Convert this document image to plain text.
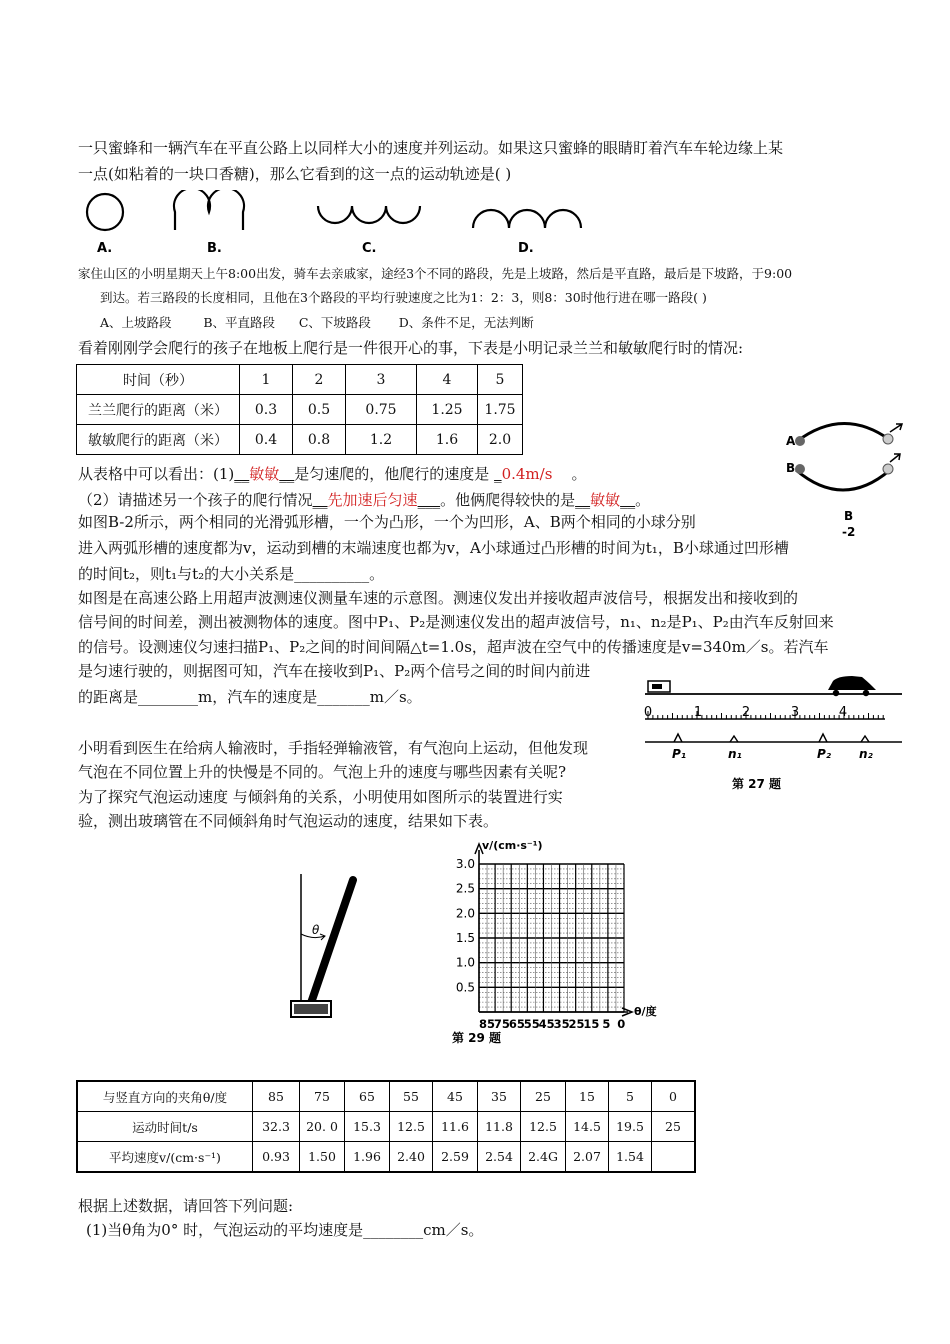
一只蜜蜂和一辆汽车在平直公路上以同样大小的速度并列运动。如果这只蜜蜂的眼睛盯着汽车车轮边缘上某
一点(如粘着的一块口香糖)，那么它看到的这一点的运动轨迹是( )
A.	B.	C.	D.
家住山区的小明星期天上午8:00出发，骑车去亲戚家，途经3个不同的路段，先是上坡路，然后是平直路，最后是下坡路，于9:00
到达。若三路段的长度相同，且他在3个路段的平均行驶速度之比为1：2：3，则8：30时他行进在哪一路段( )
A、上坡路段        B、平直路段      C、下坡路段       D、条件不足，无法判断
看着刚刚学会爬行的孩子在地板上爬行是一件很开心的事，下表是小明记录兰兰和敏敏爬行时的情况:
时间（秒）	1	2	3	4	5
兰兰爬行的距离（米）	0.3	0.5	0.75	1.25	1.75
敏敏爬行的距离（米）	0.4	0.8	1.2	1.6	2.0
从表格中可以看出：(1)__敏敏__是匀速爬的，他爬行的速度是 _0.4m/s 。
（2）请描述另一个孩子的爬行情况__先加速后匀速___。他俩爬得较快的是__敏敏__。
A
B
B
-2
如图B-2所示，两个相同的光滑弧形槽，一个为凸形，一个为凹形，A、B两个相同的小球分别
进入两弧形槽的速度都为v，运动到槽的末端速度也都为v，A小球通过凸形槽的时间为t₁，B小球通过凹形槽
的时间t₂，则t₁与t₂的大小关系是__________。
如图是在高速公路上用超声波测速仪测量车速的示意图。测速仪发出并接收超声波信号，根据发出和接收到的
信号间的时间差，测出被测物体的速度。图中P₁、P₂是测速仪发出的超声波信号，n₁、n₂是P₁、P₂由汽车反射回来
的信号。设测速仪匀速扫描P₁、P₂之间的时间间隔△t=1.0s，超声波在空气中的传播速度是v=340m／s。若汽车
是匀速行驶的，则据图可知，汽车在接收到P₁、P₂两个信号之间的时间内前进
的距离是________m，汽车的速度是_______m／s。
0	1	2	3	4
P₁	n₁	P₂ n₂
第 27 题
小明看到医生在给病人输液时，手指轻弹输液管，有气泡向上运动，但他发现
气泡在不同位置上升的快慢是不同的。气泡上升的速度与哪些因素有关呢?
为了探究气泡运动速度 与倾斜角的关系，小明使用如图所示的装置进行实
验，测出玻璃管在不同倾斜角时气泡运动的速度，结果如下表。
θ
v/(cm·s⁻¹)
θ/度
3.0
2.5
2.0
1.5
1.0
0.5
85
75
65
55
45
35
25
15 5 0
第 29 题
与竖直方向的夹角θ/度	85	75	65	55	45	35	25	15	5	0
运动时间t/s	32.3	20. 0	15.3	12.5	11.6	11.8	12.5	14.5	19.5	25
平均速度v/(cm·s⁻¹)	0.93	1.50	1.96	2.40	2.59	2.54	2.4G	2.07	1.54	
根据上述数据，请回答下列问题:
(1)当θ角为0° 时，气泡运动的平均速度是________cm／s。
